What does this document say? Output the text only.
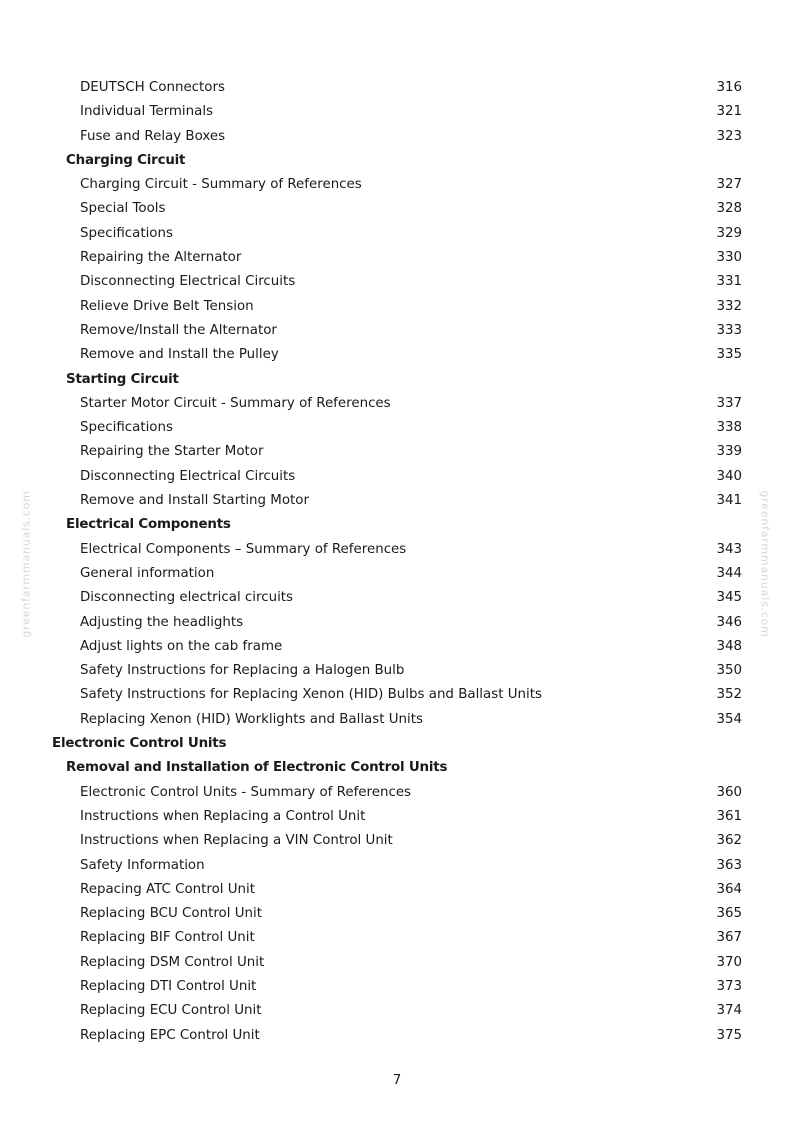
greenfarmmanuals.com	greenfarmmanuals.com
DEUTSCH Connectors	316
Individual Terminals	321
Fuse and Relay Boxes	323
Charging Circuit
Charging Circuit - Summary of References	327
Special Tools	328
Specifications	329
Repairing the Alternator	330
Disconnecting Electrical Circuits	331
Relieve Drive Belt Tension	332
Remove/Install the Alternator	333
Remove and Install the Pulley	335
Starting Circuit
Starter Motor Circuit - Summary of References	337
Specifications	338
Repairing the Starter Motor	339
Disconnecting Electrical Circuits	340
Remove and Install Starting Motor	341
Electrical Components
Electrical Components – Summary of References	343
General information	344
Disconnecting electrical circuits	345
Adjusting the headlights	346
Adjust lights on the cab frame	348
Safety Instructions for Replacing a Halogen Bulb	350
Safety Instructions for Replacing Xenon (HID) Bulbs and Ballast Units	352
Replacing Xenon (HID) Worklights and Ballast Units	354
Electronic Control Units
Removal and Installation of Electronic Control Units
Electronic Control Units - Summary of References	360
Instructions when Replacing a Control Unit	361
Instructions when Replacing a VIN Control Unit	362
Safety Information	363
Repacing ATC Control Unit	364
Replacing BCU Control Unit	365
Replacing BIF Control Unit	367
Replacing DSM Control Unit	370
Replacing DTI Control Unit	373
Replacing ECU Control Unit	374
Replacing EPC Control Unit	375
7
